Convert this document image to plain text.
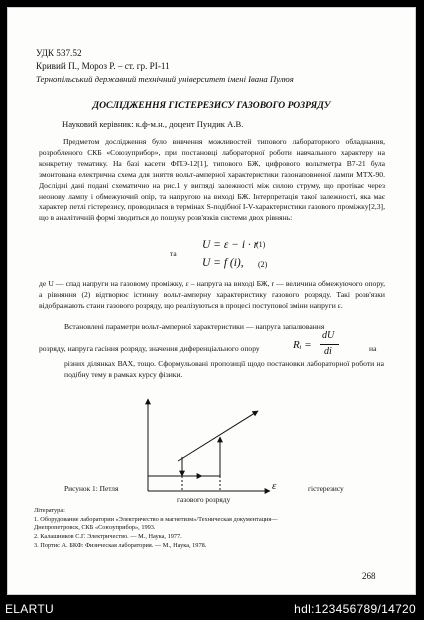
УДК 537.52
Кривий П., Мороз Р. – ст. гр. РІ-11
Тернопільський державний технічний університет імені Івана Пулюя
ДОСЛІДЖЕННЯ ГІСТЕРЕЗИСУ ГАЗОВОГО РОЗРЯДУ
Науковий керівник: к.ф-м.н., доцент Пундик А.В.
Предметом дослідження було вивчення можливостей типового лабораторного обладнання, розробленого СКБ «Союзуприбор», при постановці лабораторної роботи навчального характеру на конкретну тематику. На базі касети ФПЭ-12[1], типового БЖ, цифрового вольтметра В7-21 була змонтована електрична схема для зняття вольт-амперної характеристики газонаповненої лампи МТХ-90. Дослідні дані подані схематично на рис.1 у вигляді залежності між силою струму, що протікає через неонову лампу і обмежуючий опір, та напругою на виході БЖ. Інтерпретація такої залежності, яка має характер петлі гістерезису, проводилася в термінах S-подібної I-V-характеристики газового проміжку[2,3], що в аналітичній формі зводиться до пошуку розв'язків системи двох рівнянь:
U = ε − i · r
(1)
та
U = f (i), (2)
де U — спад напруги на газовому проміжку, ε – напруга на виході БЖ, r — величина обмежуючого опору, а рівняння (2) відтворює істинну вольт-амперну характеристику газового розряду. Такі розв'язки відображають стани газового розряду, що реалізуються в процесі поступової зміни напруги ε.
Встановлені параметри вольт-амперної характеристики — напруга запалювання
розряду, напруга гасіння розряду, значення диференціального опору	Rᵢ =
dU
di	на
різних ділянках ВАХ, тощо. Сформульовані пропозиції щодо постановки лабораторної роботи на подібну тему в рамках курсу фізики.
ε
Рисунок 1: Петля	гістерезису
газового розряду
Література:
1. Оборудование лаборатории «Электричество и магнетизм»/Техническая документация—
Днепропетровск, СКБ «Союзуприбор», 1993.
2. Калашников С.Г. Электричество. — М., Наука, 1977.
3. Портис А. БКФ: Физическая лаборатория. — М., Наука, 1978.
268
ELARTU	hdl:123456789/14720
